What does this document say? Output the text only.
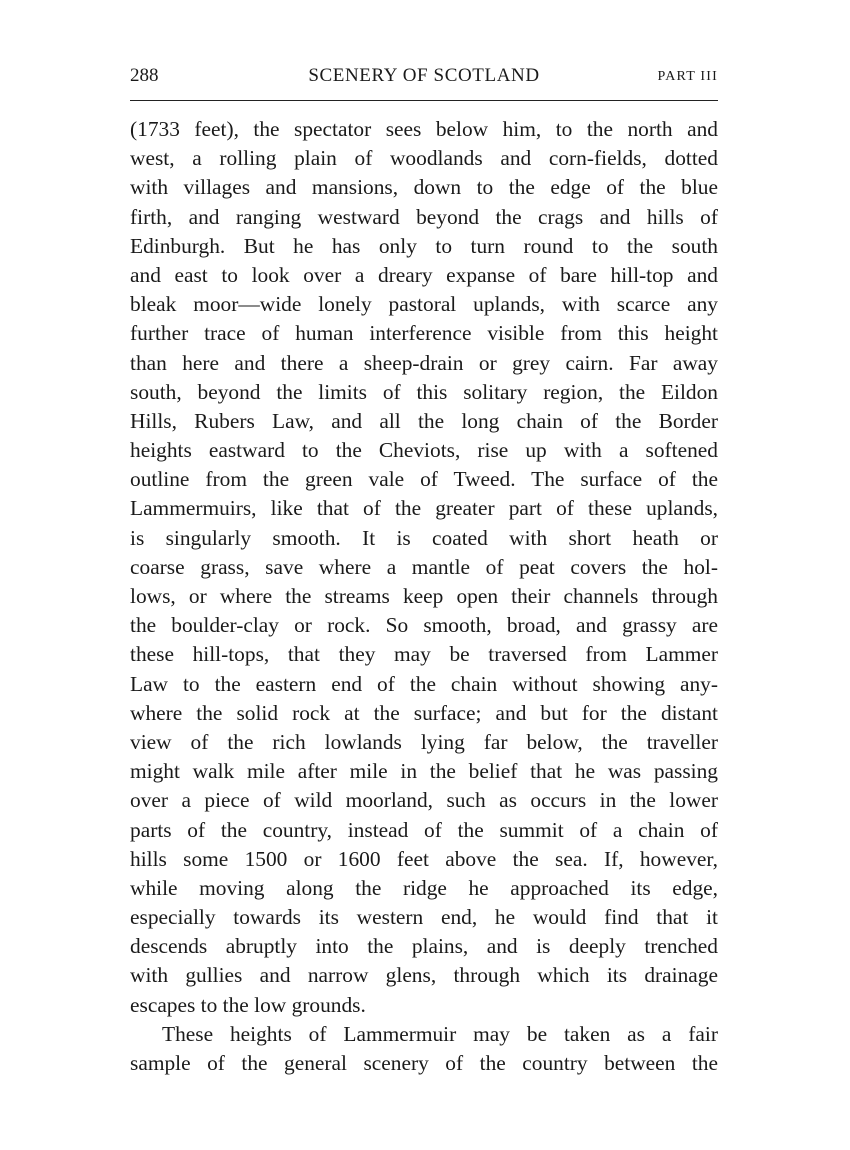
288	SCENERY OF SCOTLAND	PART III
(1733 feet), the spectator sees below him, to the north and
west, a rolling plain of woodlands and corn-fields, dotted
with villages and mansions, down to the edge of the blue
firth, and ranging westward beyond the crags and hills of
Edinburgh. But he has only to turn round to the south
and east to look over a dreary expanse of bare hill-top and
bleak moor—wide lonely pastoral uplands, with scarce any
further trace of human interference visible from this height
than here and there a sheep-drain or grey cairn. Far away
south, beyond the limits of this solitary region, the Eildon
Hills, Rubers Law, and all the long chain of the Border
heights eastward to the Cheviots, rise up with a softened
outline from the green vale of Tweed. The surface of the
Lammermuirs, like that of the greater part of these uplands,
is singularly smooth. It is coated with short heath or
coarse grass, save where a mantle of peat covers the hol-
lows, or where the streams keep open their channels through
the boulder-clay or rock. So smooth, broad, and grassy are
these hill-tops, that they may be traversed from Lammer
Law to the eastern end of the chain without showing any-
where the solid rock at the surface; and but for the distant
view of the rich lowlands lying far below, the traveller
might walk mile after mile in the belief that he was passing
over a piece of wild moorland, such as occurs in the lower
parts of the country, instead of the summit of a chain of
hills some 1500 or 1600 feet above the sea. If, however,
while moving along the ridge he approached its edge,
especially towards its western end, he would find that it
descends abruptly into the plains, and is deeply trenched
with gullies and narrow glens, through which its drainage
escapes to the low grounds.
These heights of Lammermuir may be taken as a fair
sample of the general scenery of the country between the
